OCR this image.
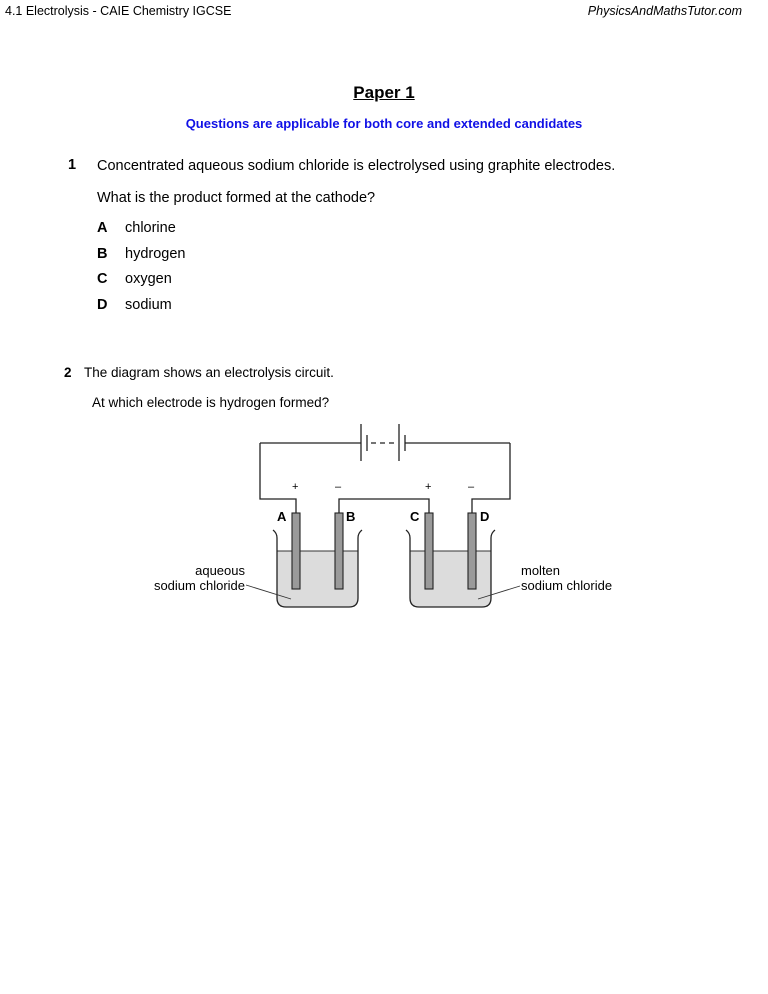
4.1 Electrolysis - CAIE Chemistry IGCSE	PhysicsAndMathsTutor.com
Paper 1
Questions are applicable for both core and extended candidates
1 Concentrated aqueous sodium chloride is electrolysed using graphite electrodes.
What is the product formed at the cathode?
A chlorine
B hydrogen
C oxygen
D sodium
2 The diagram shows an electrolysis circuit.
At which electrode is hydrogen formed?
+	–	+	–
A	B	C	D
aqueous
sodium chloride
molten
sodium chloride
